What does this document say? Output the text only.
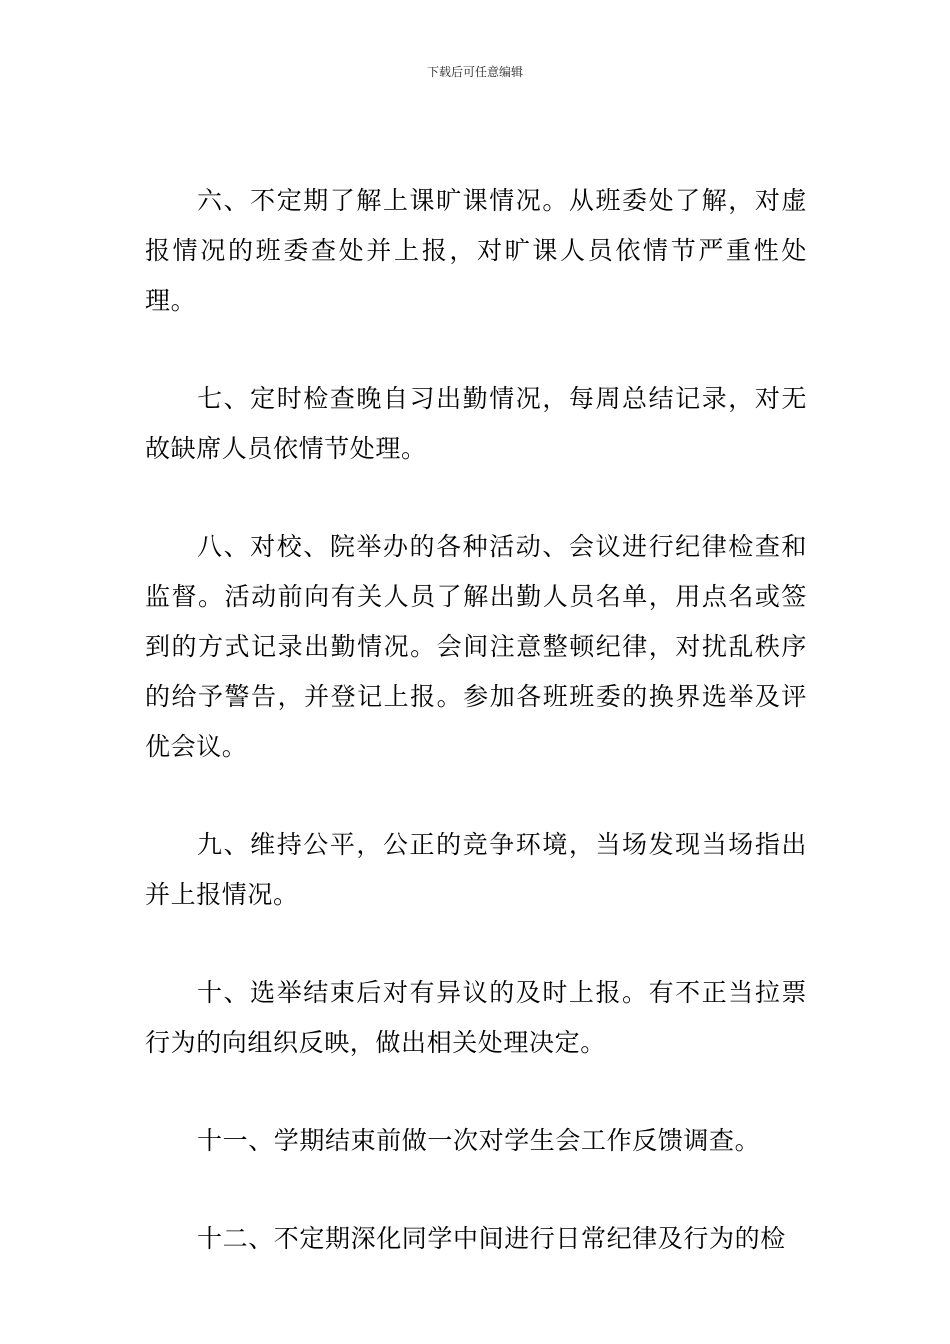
下载后可任意编辑

六、不定期了解上课旷课情况。从班委处了解，对虚报情况的班委查处并上报，对旷课人员依情节严重性处理。

七、定时检查晚自习出勤情况，每周总结记录，对无故缺席人员依情节处理。

八、对校、院举办的各种活动、会议进行纪律检查和监督。活动前向有关人员了解出勤人员名单，用点名或签到的方式记录出勤情况。会间注意整顿纪律，对扰乱秩序的给予警告，并登记上报。参加各班班委的换界选举及评优会议。

九、维持公平，公正的竞争环境，当场发现当场指出并上报情况。

十、选举结束后对有异议的及时上报。有不正当拉票行为的向组织反映，做出相关处理决定。

十一、学期结束前做一次对学生会工作反馈调查。

十二、不定期深化同学中间进行日常纪律及行为的检
